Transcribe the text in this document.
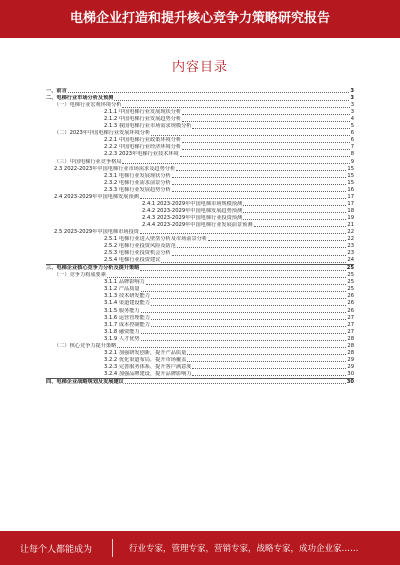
电梯企业打造和提升核心竞争力策略研究报告
内容目录
一、前言	3
二、电梯行业市场分析及预测	3
（一）电梯行业宏观环境分析	3
2.1.1 中国电梯行业发展现状分析	3
2.1.2 中国电梯行业发展趋势分析	4
2.1.3 我国电梯行业市场需求规模分析	5
（二）2023年中国电梯行业发展环境分析	6
2.2.1 中国电梯行业政策环境分析	6
2.2.2 中国电梯行业经济环境分析	7
2.2.3 2023年电梯行业技术环境	8
（三）中国电梯行业竞争格局	9
2.3 2022-2023年中国电梯行业市场需求及趋势分析	15
2.3.1 电梯行业发展现状分析	15
2.3.2 电梯行业需求前景分析	15
2.3.3 电梯行业发展趋势分析	16
2.4 2023-2029年中国电梯发展预测	17
2.4.1 2023-2029年中国电梯市场规模预测	17
2.4.2 2023-2029年中国电梯发展趋势预测	18
2.4.3 2023-2029年中国电梯行业投资预测	19
2.4.4 2023-2029年中国电梯行业发展前景预测	21
2.5 2023-2029年中国电梯市场投资	22
2.5.1 电梯行业进入壁垒分析及市场前景分析	22
2.5.2 电梯行业投资风险及防范	23
2.5.3 电梯行业投资机会分析	23
2.5.4 电梯行业投资建议	24
三、电梯企业核心竞争力分析及提升策略	25
（一）竞争力构成要素	25
3.1.1 品牌影响力	25
3.1.2 产品质量	25
3.1.3 技术研发能力	26
3.1.4 渠道建设能力	26
3.1.5 服务能力	26
3.1.6 运营管理能力	27
3.1.7 成本控制能力	27
3.1.8 融资能力	27
3.1.9 人才优势	28
（二）核心竞争力提升策略	28
3.2.1 加强研发创新，提升产品质量	28
3.2.2 优化渠道布局，提升市场覆盖	29
3.2.3 完善服务体系，提升客户满意度	29
3.2.4 加强品牌建设，提升品牌影响力	30
四、电梯企业战略规划及发展建议	30
让每个人都能成为	行业专家，管理专家，营销专家，战略专家，成功企业家……
